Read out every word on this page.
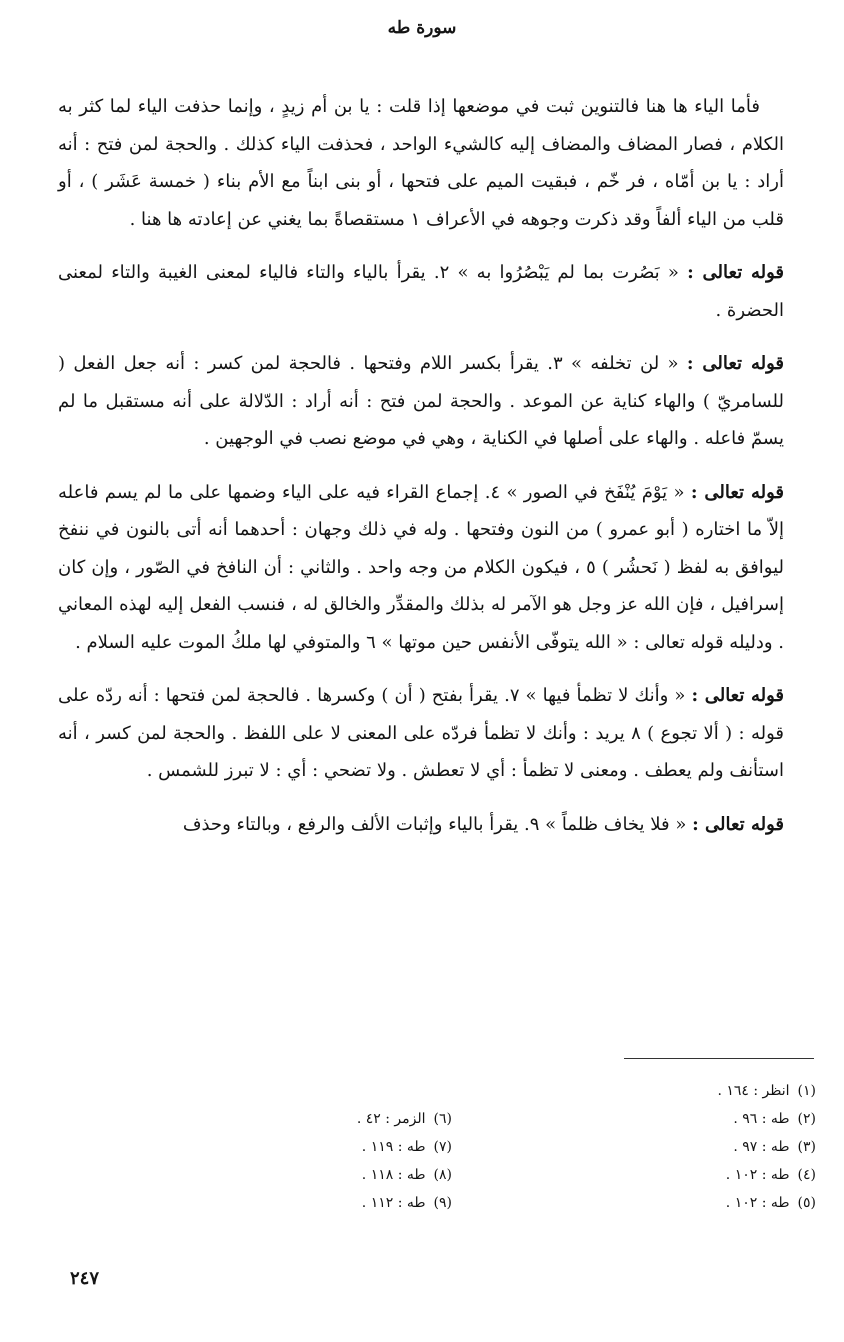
سورة طه

فأما الياء ها هنا فالتنوين ثبت في موضعها إذا قلت : يا بن أم زيدٍ ، وإنما حذفت الياء لما كثر به الكلام ، فصار المضاف والمضاف إليه كالشيء الواحد ، فحذفت الياء كذلك . والحجة لمن فتح : أنه أراد : يا بن أمّاه ، فر خّم ، فبقيت الميم على فتحها ، أو بنى ابناً مع الأم بناء ( خمسة عَشَر ) ، أو قلب من الياء ألفاً وقد ذكرت وجوهه في الأعراف ١ مستقصاةً بما يغني عن إعادته ها هنا .

قوله تعالى : « بَصُرت بما لم يَبْصُرُوا به » ٢. يقرأ بالياء والتاء فالياء لمعنى الغيبة والتاء لمعنى الحضرة .

قوله تعالى : « لن تخلفه » ٣. يقرأ بكسر اللام وفتحها . فالحجة لمن كسر : أنه جعل الفعل ( للسامريّ ) والهاء كناية عن الموعد . والحجة لمن فتح : أنه أراد : الدّلالة على أنه مستقبل ما لم يسمّ فاعله . والهاء على أصلها في الكناية ، وهي في موضع نصب في الوجهين .

قوله تعالى : « يَوْمَ يُنْفَخ في الصور » ٤. إجماع القراء فيه على الياء وضمها على ما لم يسم فاعله إلاّ ما اختاره ( أبو عمرو ) من النون وفتحها . وله في ذلك وجهان : أحدهما أنه أتى بالنون في ننفخ ليوافق به لفظ ( نَحشُر ) ٥ ، فيكون الكلام من وجه واحد . والثاني : أن النافخ في الصّور ، وإن كان إسرافيل ، فإن الله عز وجل هو الآمر له بذلك والمقدِّر والخالق له ، فنسب الفعل إليه لهذه المعاني . ودليله قوله تعالى : « الله يتوفّى الأنفس حين موتها » ٦ والمتوفي لها ملكُ الموت عليه السلام .

قوله تعالى : « وأنك لا تظمأ فيها » ٧. يقرأ بفتح ( أن ) وكسرها . فالحجة لمن فتحها : أنه ردّه على قوله : ( ألا تجوع ) ٨ يريد : وأنك لا تظمأ فردّه على المعنى لا على اللفظ . والحجة لمن كسر ، أنه استأنف ولم يعطف . ومعنى لا تظمأ : أي لا تعطش . ولا تضحي : أي : لا تبرز للشمس .

قوله تعالى : « فلا يخاف ظلماً » ٩. يقرأ بالياء وإثبات الألف والرفع ، وبالتاء وحذف

(١)انظر : ١٦٤ .
(٢)طه : ٩٦ .
(٣)طه : ٩٧ .
(٤)طه : ١٠٢ .
(٥)طه : ١٠٢ .
(٦)الزمر : ٤٢ .
(٧)طه : ١١٩ .
(٨)طه : ١١٨ .
(٩)طه : ١١٢ .
٢٤٧
